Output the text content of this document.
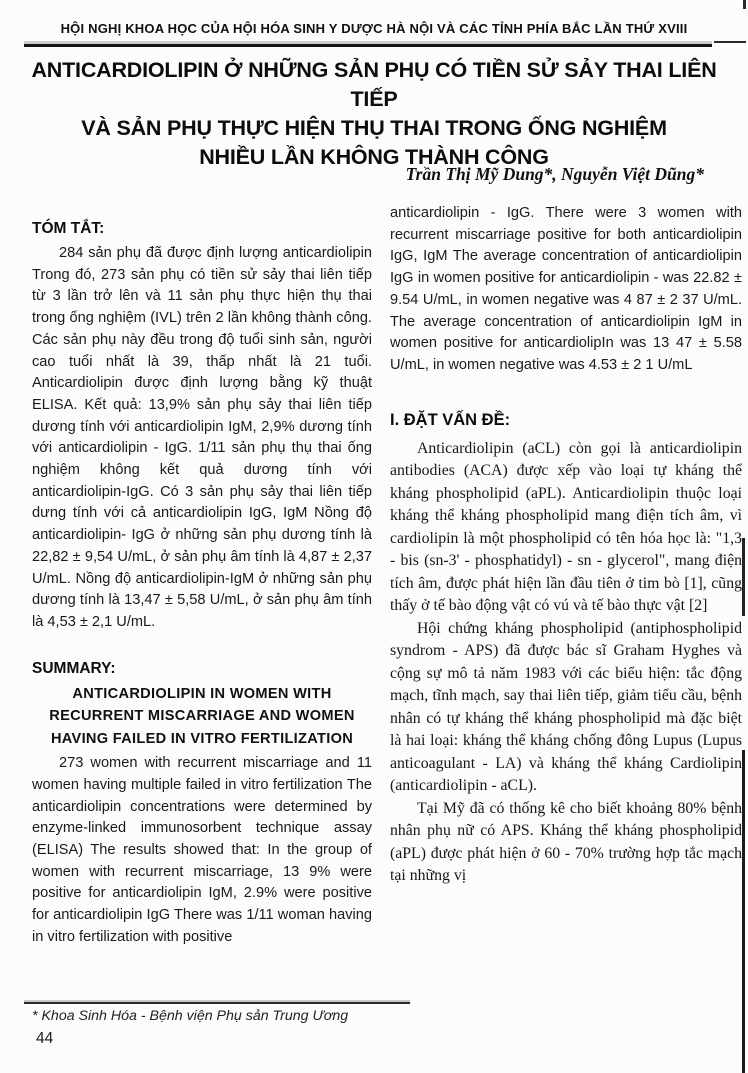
HỘI NGHỊ KHOA HỌC CỦA HỘI HÓA SINH Y DƯỢC HÀ NỘI VÀ CÁC TỈNH PHÍA BẮC LẦN THỨ XVIII
ANTICARDIOLIPIN Ở NHỮNG SẢN PHỤ CÓ TIỀN SỬ SẢY THAI LIÊN TIẾP
VÀ SẢN PHỤ THỰC HIỆN THỤ THAI TRONG ỐNG NGHIỆM
NHIỀU LẦN KHÔNG THÀNH CÔNG
Trần Thị Mỹ Dung*, Nguyễn Việt Dũng*
TÓM TẮT:
284 sản phụ đã được định lượng anticardiolipin Trong đó, 273 sản phụ có tiền sử sảy thai liên tiếp từ 3 lần trở lên và 11 sản phụ thực hiện thụ thai trong ống nghiệm (IVL) trên 2 lần không thành công. Các sản phụ này đều trong độ tuổi sinh sản, người cao tuổi nhất là 39, thấp nhất là 21 tuổi. Anticardiolipin được định lượng bằng kỹ thuật ELISA. Kết quả: 13,9% sản phụ sảy thai liên tiếp dương tính với anticardiolipin IgM, 2,9% dương tính với anticardiolipin - IgG. 1/11 sản phụ thụ thai ống nghiệm không kết quả dương tính với anticardiolipin-IgG. Có 3 sản phụ sảy thai liên tiếp dưng tính với cả anticardiolipin IgG, IgM Nồng độ anticardiolipin- IgG ở những sản phụ dương tính là 22,82 ± 9,54 U/mL, ở sản phụ âm tính là 4,87 ± 2,37 U/mL. Nồng độ anticardiolipin-IgM ở những sản phụ dương tính là 13,47 ± 5,58 U/mL, ở sản phụ âm tính là 4,53 ± 2,1 U/mL.
SUMMARY:
ANTICARDIOLIPIN IN WOMEN WITH RECURRENT MISCARRIAGE AND WOMEN HAVING FAILED IN VITRO FERTILIZATION
273 women with recurrent miscarriage and 11 women having multiple failed in vitro fertilization The anticardiolipin concentrations were determined by enzyme-linked immunosorbent technique assay (ELISA) The results showed that: In the group of women with recurrent miscarriage, 13 9% were positive for anticardiolipin IgM, 2.9% were positive for anticardiolipin IgG There was 1/11 woman having in vitro fertilization with positive
anticardiolipin - IgG. There were 3 women with recurrent miscarriage positive for both anticardiolipin IgG, IgM The average concentration of anticardiolipin IgG in women positive for anticardiolipin - was 22.82 ± 9.54 U/mL, in women negative was 4 87 ± 2 37 U/mL. The average concentration of anticardiolipin IgM in women positive for anticardiolipIn was 13 47 ± 5.58 U/mL, in women negative was 4.53 ± 2 1 U/mL
I. ĐẶT VẤN ĐỀ:

Anticardiolipin (aCL) còn gọi là anticardiolipin antibodies (ACA) được xếp vào loại tự kháng thể kháng phospholipid (aPL). Anticardiolipin thuộc loại kháng thể kháng phospholipid mang điện tích âm, vì cardiolipin là một phospholipid có tên hóa học là: "1,3 - bis (sn-3' - phosphatidyl) - sn - glycerol", mang điện tích âm, được phát hiện lần đầu tiên ở tim bò [1], cũng thấy ở tế bào động vật có vú và tế bào thực vật [2]

Hội chứng kháng phospholipid (antiphospholipid syndrom - APS) đã được bác sĩ Graham Hyghes và cộng sự mô tả năm 1983 với các biểu hiện: tắc động mạch, tĩnh mạch, say thai liên tiếp, giảm tiểu cầu, bệnh nhân có tự kháng thể kháng phospholipid mà đặc biệt là hai loại: kháng thể kháng chống đông Lupus (Lupus anticoagulant - LA) và kháng thể kháng Cardiolipin (anticardiolipin - aCL).

Tại Mỹ đã có thống kê cho biết khoảng 80% bệnh nhân phụ nữ có APS. Kháng thể kháng phospholipid (aPL) được phát hiện ở 60 - 70% trường hợp tắc mạch tại những vị

* Khoa Sinh Hóa - Bệnh viện Phụ sản Trung Ương
44
